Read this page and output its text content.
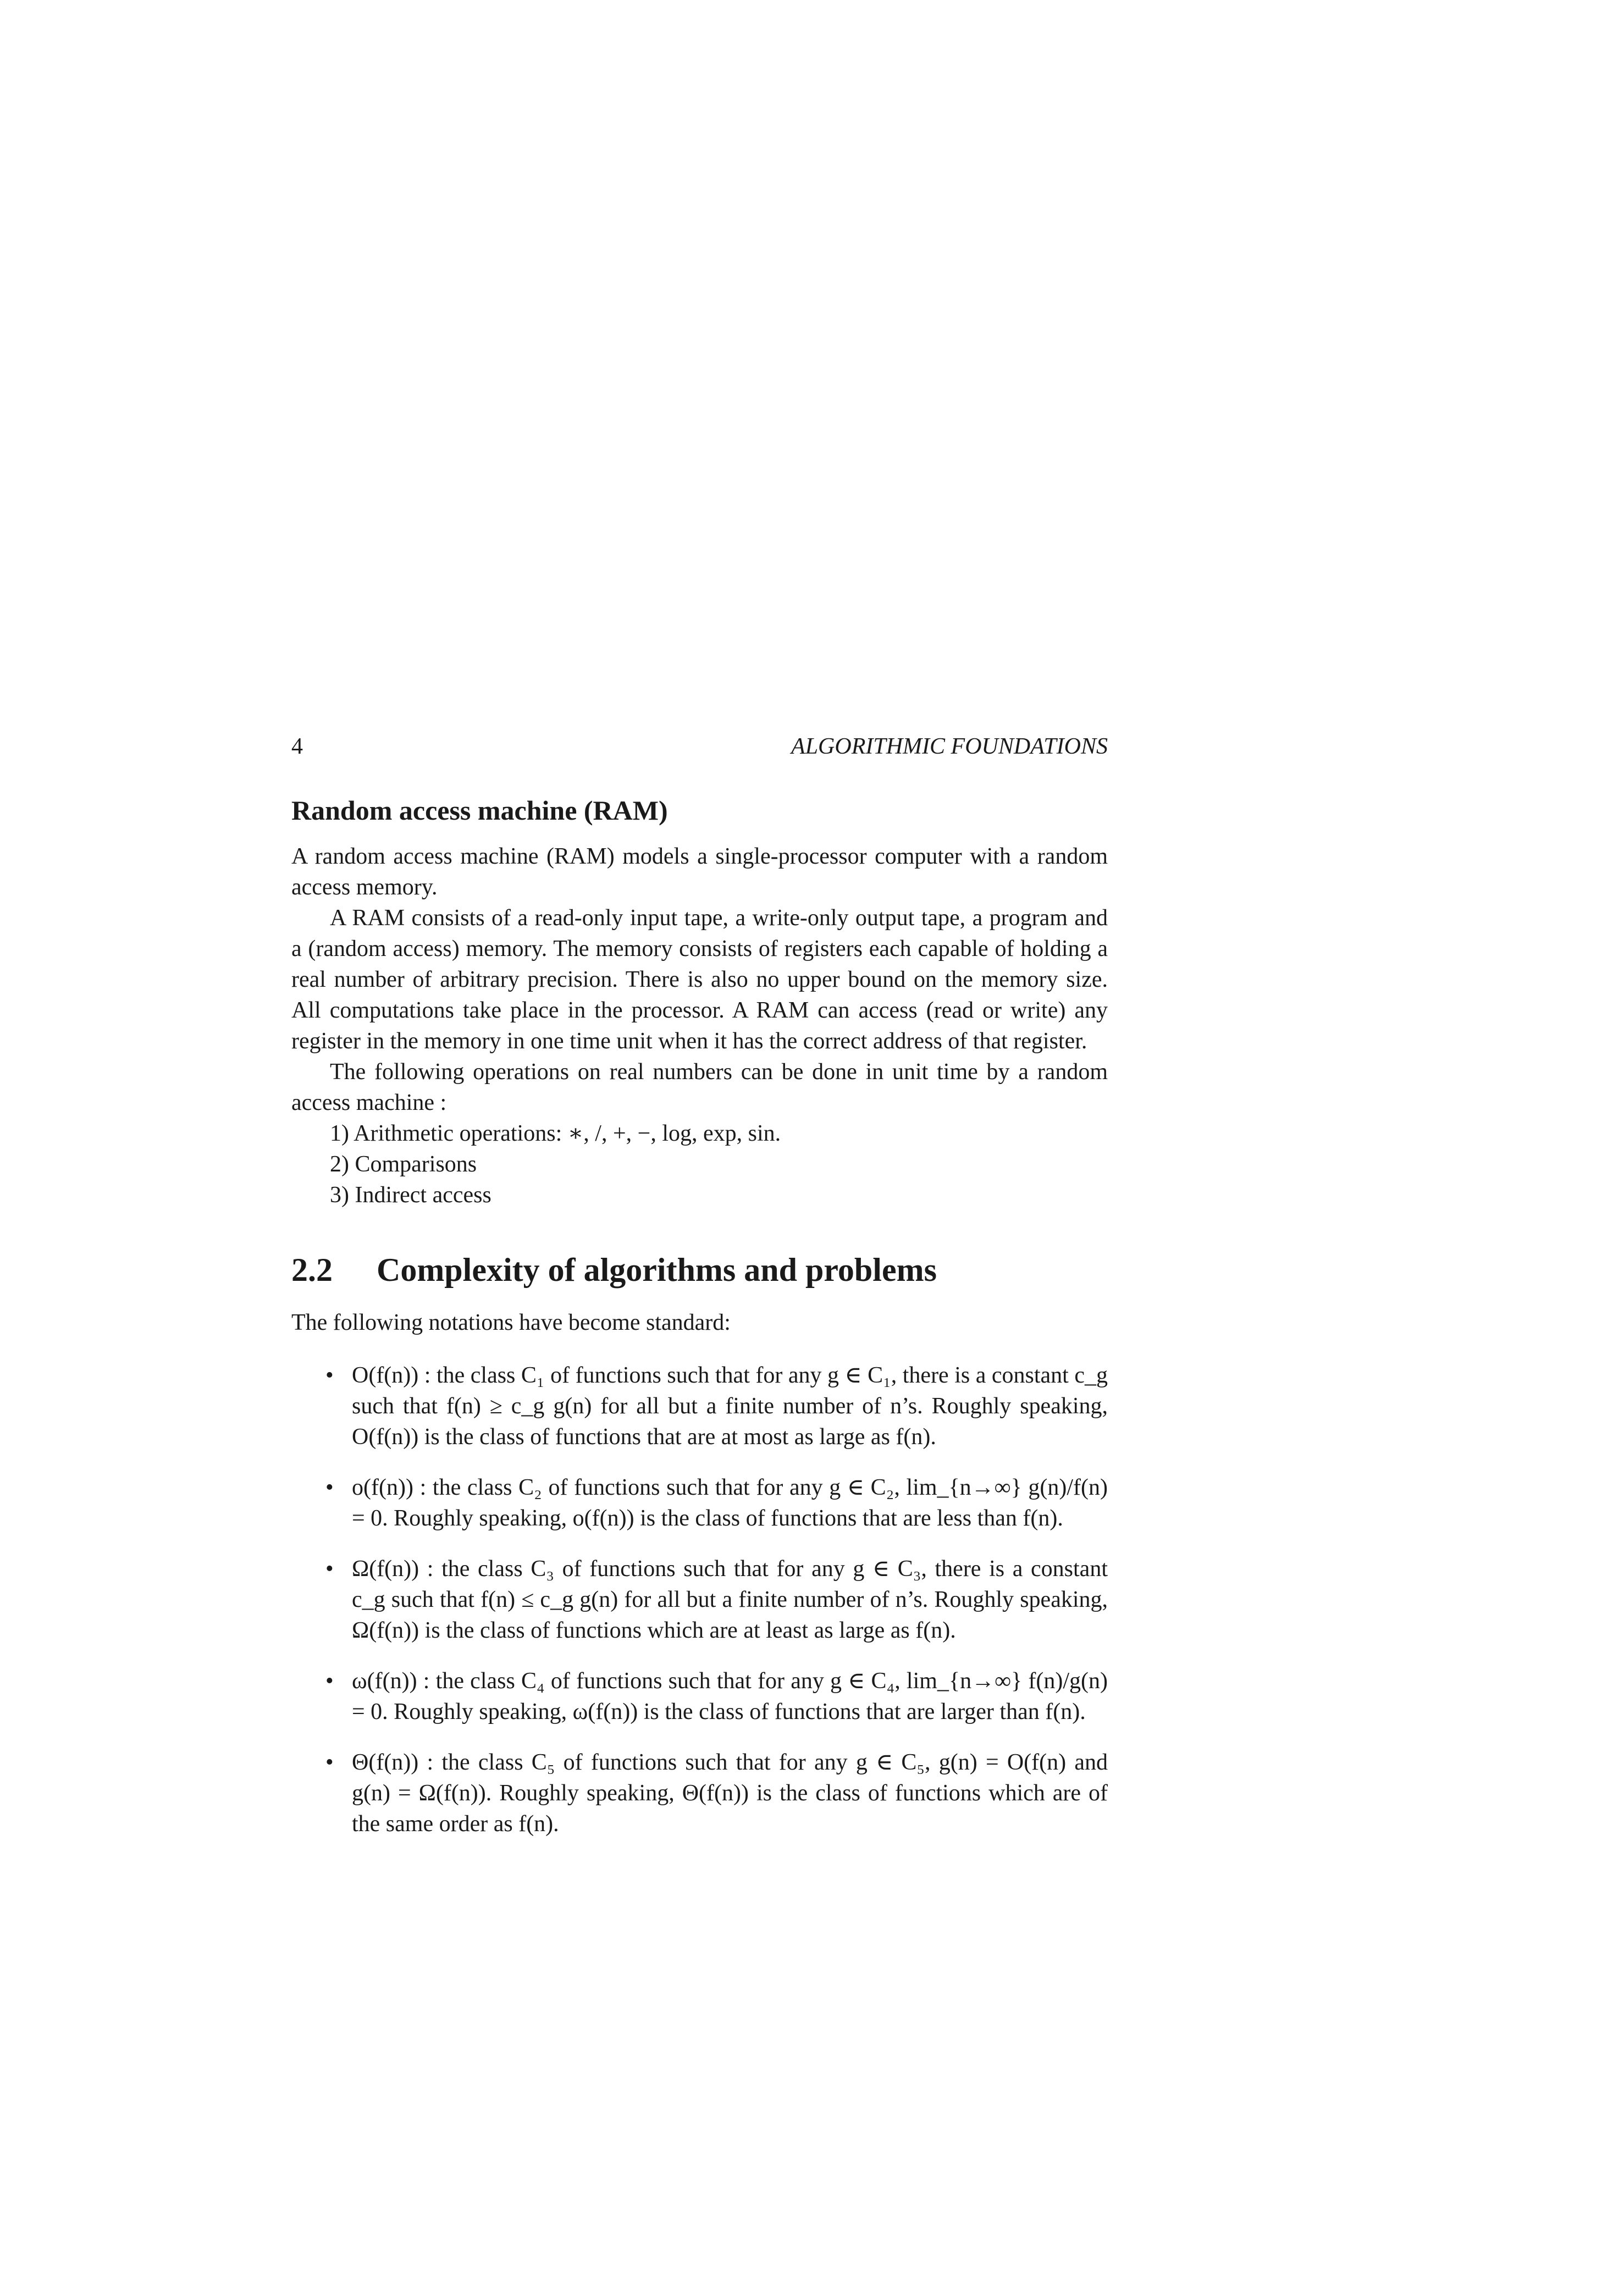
4	ALGORITHMIC FOUNDATIONS
Random access machine (RAM)

A random access machine (RAM) models a single-processor computer with a random access memory.

A RAM consists of a read-only input tape, a write-only output tape, a program and a (random access) memory. The memory consists of registers each capable of holding a real number of arbitrary precision. There is also no upper bound on the memory size. All computations take place in the processor. A RAM can access (read or write) any register in the memory in one time unit when it has the correct address of that register.

The following operations on real numbers can be done in unit time by a random access machine :

1) Arithmetic operations: ∗, /, +, −, log, exp, sin.
2) Comparisons
3) Indirect access
2.2 Complexity of algorithms and problems

The following notations have become standard:

• O(f(n)) : the class C₁ of functions such that for any g ∈ C₁, there is a constant c_g such that f(n) ≥ c_g g(n) for all but a finite number of n’s. Roughly speaking, O(f(n)) is the class of functions that are at most as large as f(n).
• o(f(n)) : the class C₂ of functions such that for any g ∈ C₂, lim_{n→∞} g(n)/f(n) = 0. Roughly speaking, o(f(n)) is the class of functions that are less than f(n).
• Ω(f(n)) : the class C₃ of functions such that for any g ∈ C₃, there is a constant c_g such that f(n) ≤ c_g g(n) for all but a finite number of n’s. Roughly speaking, Ω(f(n)) is the class of functions which are at least as large as f(n).
• ω(f(n)) : the class C₄ of functions such that for any g ∈ C₄, lim_{n→∞} f(n)/g(n) = 0. Roughly speaking, ω(f(n)) is the class of functions that are larger than f(n).
• Θ(f(n)) : the class C₅ of functions such that for any g ∈ C₅, g(n) = O(f(n) and g(n) = Ω(f(n)). Roughly speaking, Θ(f(n)) is the class of functions which are of the same order as f(n).
